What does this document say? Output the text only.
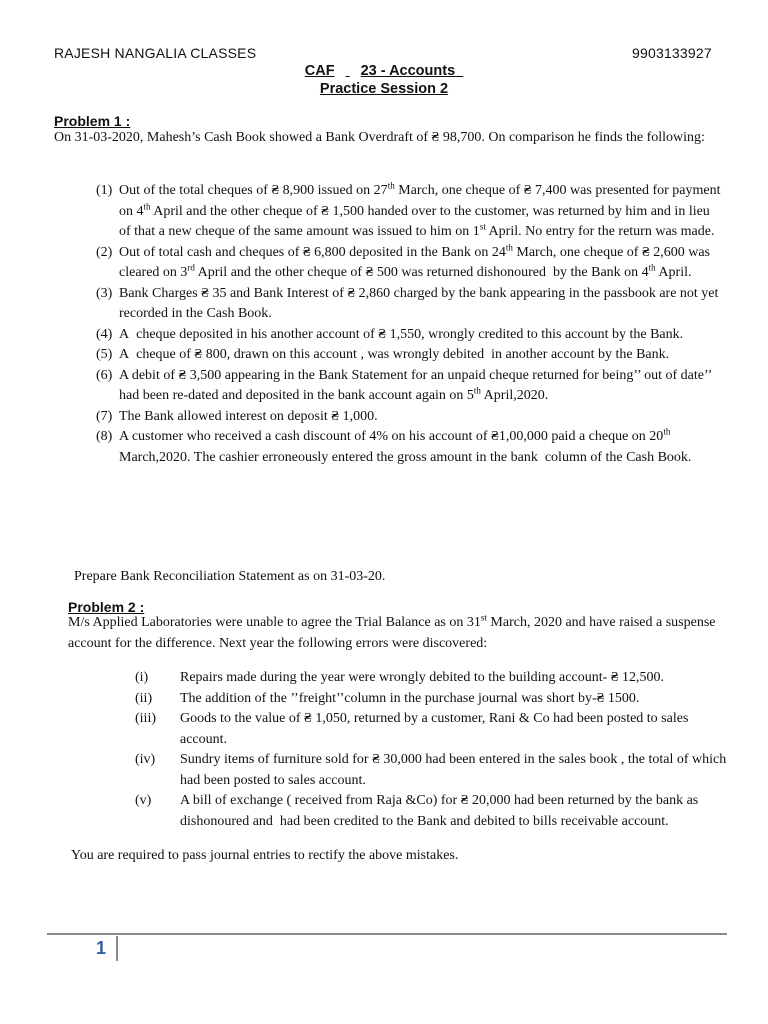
RAJESH NANGALIA CLASSES	9903133927
CAF 23 - Accounts
Practice Session 2
Problem 1 :
On 31-03-2020, Mahesh’s Cash Book showed a Bank Overdraft of ₴ 98,700. On comparison he finds the following:
(1) Out of the total cheques of ₴ 8,900 issued on 27th March, one cheque of ₴ 7,400 was presented for payment on 4th April and the other cheque of ₴ 1,500 handed over to the customer, was returned by him and in lieu of that a new cheque of the same amount was issued to him on 1st April. No entry for the return was made.
(2) Out of total cash and cheques of ₴ 6,800 deposited in the Bank on 24th March, one cheque of ₴ 2,600 was cleared on 3rd April and the other cheque of ₴ 500 was returned dishonoured  by the Bank on 4th April.
(3) Bank Charges ₴ 35 and Bank Interest of ₴ 2,860 charged by the bank appearing in the passbook are not yet recorded in the Cash Book.
(4) A  cheque deposited in his another account of ₴ 1,550, wrongly credited to this account by the Bank.
(5) A  cheque of ₴ 800, drawn on this account , was wrongly debited  in another account by the Bank.
(6) A debit of ₴ 3,500 appearing in the Bank Statement for an unpaid cheque returned for being’’ out of date’’ had been re-dated and deposited in the bank account again on 5th April,2020.
(7) The Bank allowed interest on deposit ₴ 1,000.
(8) A customer who received a cash discount of 4% on his account of ₴1,00,000 paid a cheque on 20th March,2020. The cashier erroneously entered the gross amount in the bank  column of the Cash Book.
Prepare Bank Reconciliation Statement as on 31-03-20.
Problem 2 :
M/s Applied Laboratories were unable to agree the Trial Balance as on 31st March, 2020 and have raised a suspense account for the difference. Next year the following errors were discovered:
(i) Repairs made during the year were wrongly debited to the building account- ₴ 12,500.
(ii) The addition of the ’’freight’’column in the purchase journal was short by-₴ 1500.
(iii) Goods to the value of ₴ 1,050, returned by a customer, Rani & Co had been posted to sales account.
(iv) Sundry items of furniture sold for ₴ 30,000 had been entered in the sales book , the total of which had been posted to sales account.
(v) A bill of exchange ( received from Raja &Co) for ₴ 20,000 had been returned by the bank as dishonoured and  had been credited to the Bank and debited to bills receivable account.
You are required to pass journal entries to rectify the above mistakes.
1
